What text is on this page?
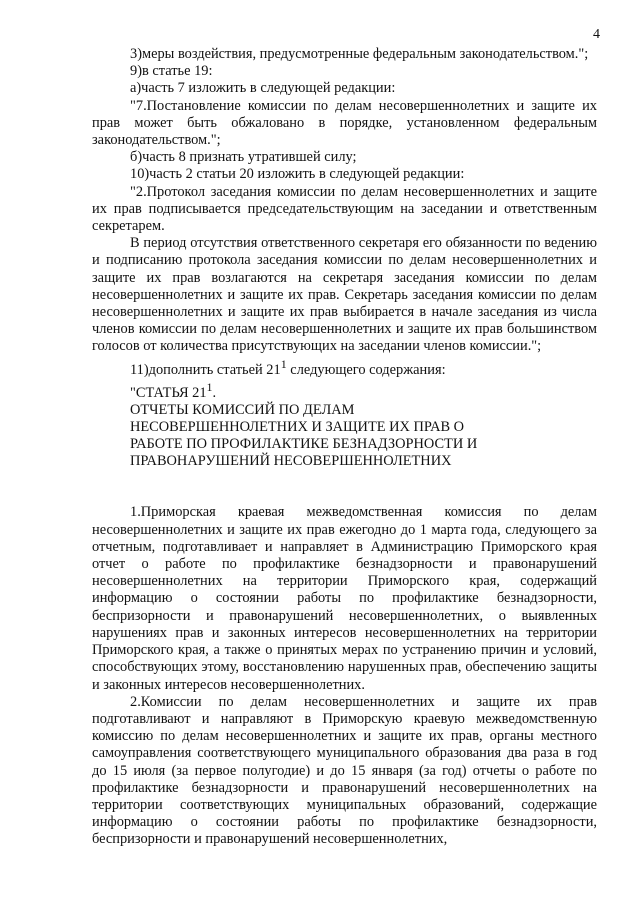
4

3)меры воздействия, предусмотренные федеральным законодательством.";

9)в статье 19:

а)часть 7 изложить в следующей редакции:

"7.Постановление комиссии по делам несовершеннолетних и защите их прав может быть обжаловано в порядке, установленном федеральным законодательством.";

б)часть 8 признать утратившей силу;

10)часть 2 статьи 20 изложить в следующей редакции:

"2.Протокол заседания комиссии по делам несовершеннолетних и защите их прав подписывается председательствующим на заседании и ответственным секретарем.

В период отсутствия ответственного секретаря его обязанности по ведению и подписанию протокола заседания комиссии по делам несовершеннолетних и защите их прав возлагаются на секретаря заседания комиссии по делам несовершеннолетних и защите их прав. Секретарь заседания комиссии по делам несовершеннолетних и защите их прав выбирается в начале заседания из числа членов комиссии по делам несовершеннолетних и защите их прав большинством голосов от количества присутствующих на заседании членов комиссии.";

11)дополнить статьей $21^1$ следующего содержания:

"СТАТЬЯ $21^1.ОТЧЕТЫ$ КОМИССИЙ ПО ДЕЛАМ
НЕСОВЕРШЕННОЛЕТНИХ И ЗАЩИТЕ ИХ ПРАВ О
РАБОТЕ ПО ПРОФИЛАКТИКЕ БЕЗНАДЗОРНОСТИ И
ПРАВОНАРУШЕНИЙ НЕСОВЕРШЕННОЛЕТНИХ

1.Приморская краевая межведомственная комиссия по делам несовершеннолетних и защите их прав ежегодно до 1 марта года, следующего за отчетным, подготавливает и направляет в Администрацию Приморского края отчет о работе по профилактике безнадзорности и правонарушений несовершеннолетних на территории Приморского края, содержащий информацию о состоянии работы по профилактике безнадзорности, беспризорности и правонарушений несовершеннолетних, о выявленных нарушениях прав и законных интересов несовершеннолетних на территории Приморского края, а также о принятых мерах по устранению причин и условий, способствующих этому, восстановлению нарушенных прав, обеспечению защиты и законных интересов несовершеннолетних.

2.Комиссии по делам несовершеннолетних и защите их прав подготавливают и направляют в Приморскую краевую межведомственную комиссию по делам несовершеннолетних и защите их прав, органы местного самоуправления соответствующего муниципального образования два раза в год до 15 июля (за первое полугодие) и до 15 января (за год) отчеты о работе по профилактике безнадзорности и правонарушений несовершеннолетних на территории соответствующих муниципальных образований, содержащие информацию о состоянии работы по профилактике безнадзорности, беспризорности и правонарушений несовершеннолетних,
